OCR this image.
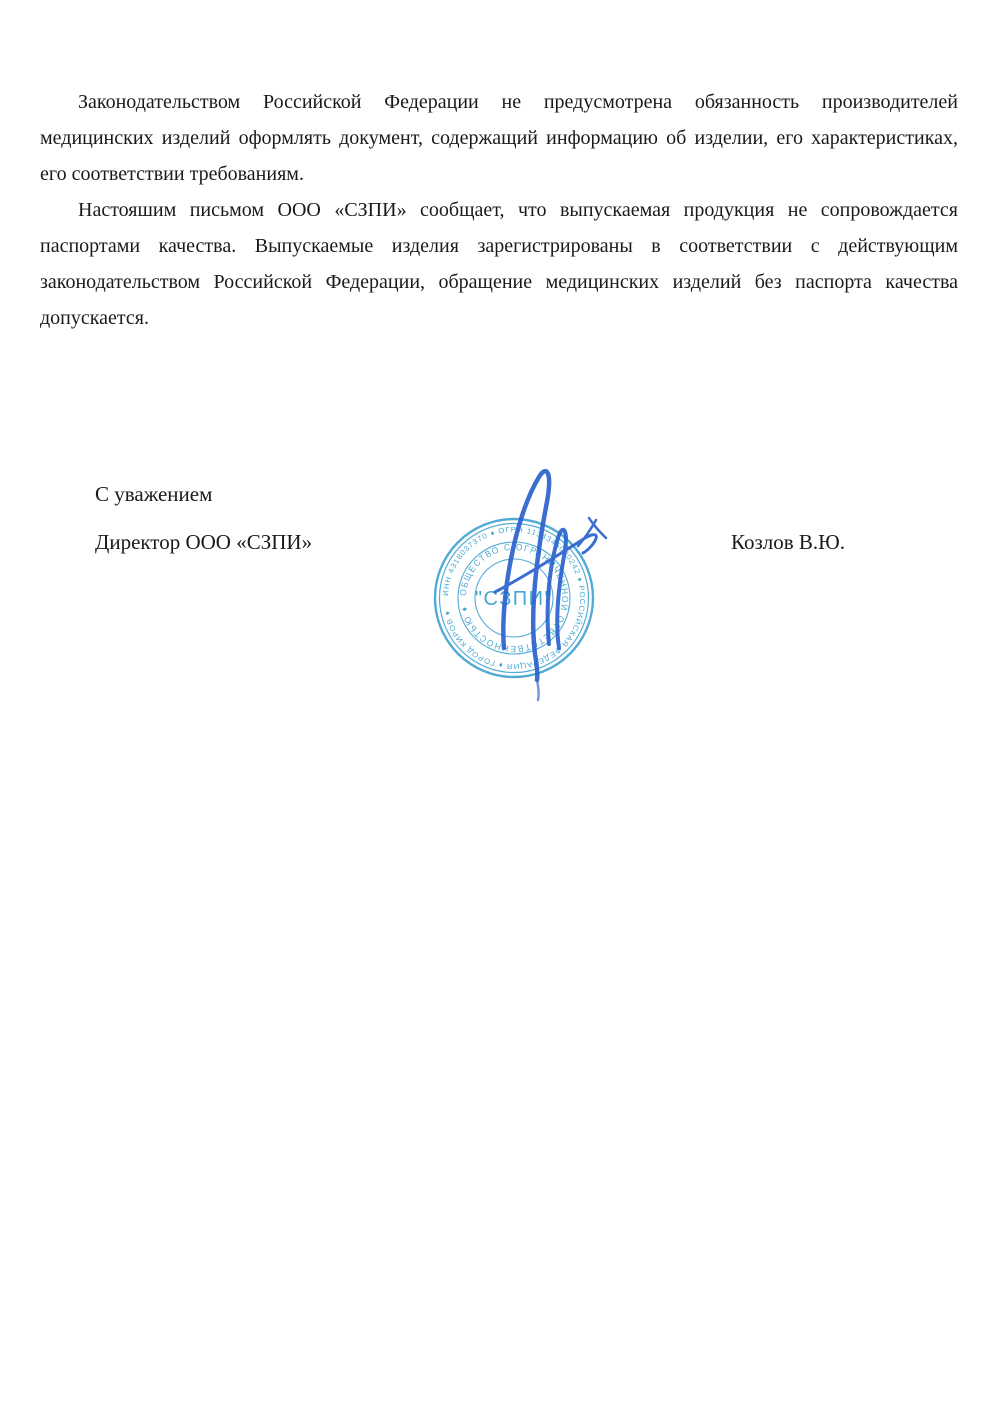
Законодательством Российской Федерации не предусмотрена обязанность производителей медицинских изделий оформлять документ, содержащий информацию об изделии, его характеристиках, его соответствии требованиям.

Настояшим письмом ООО «СЗПИ» сообщает, что выпускаемая продукция не сопровождается паспортами качества. Выпускаемые изделия зарегистрированы в соответствии с действующим законодательством Российской Федерации, обращение медицинских изделий без паспорта качества допускается.

С уважением
Директор ООО «СЗПИ»	Козлов В.Ю.
ИНН 4318037370 ♦ ОГРН 1134345000242 ♦ РОССИЙСКАЯ ФЕДЕРАЦИЯ ♦ ГОРОД КИРОВ ♦
ОБЩЕСТВО С ОГРАНИЧЕННОЙ ОТВЕТСТВЕННОСТЬЮ ♦ "СЗПИ"
